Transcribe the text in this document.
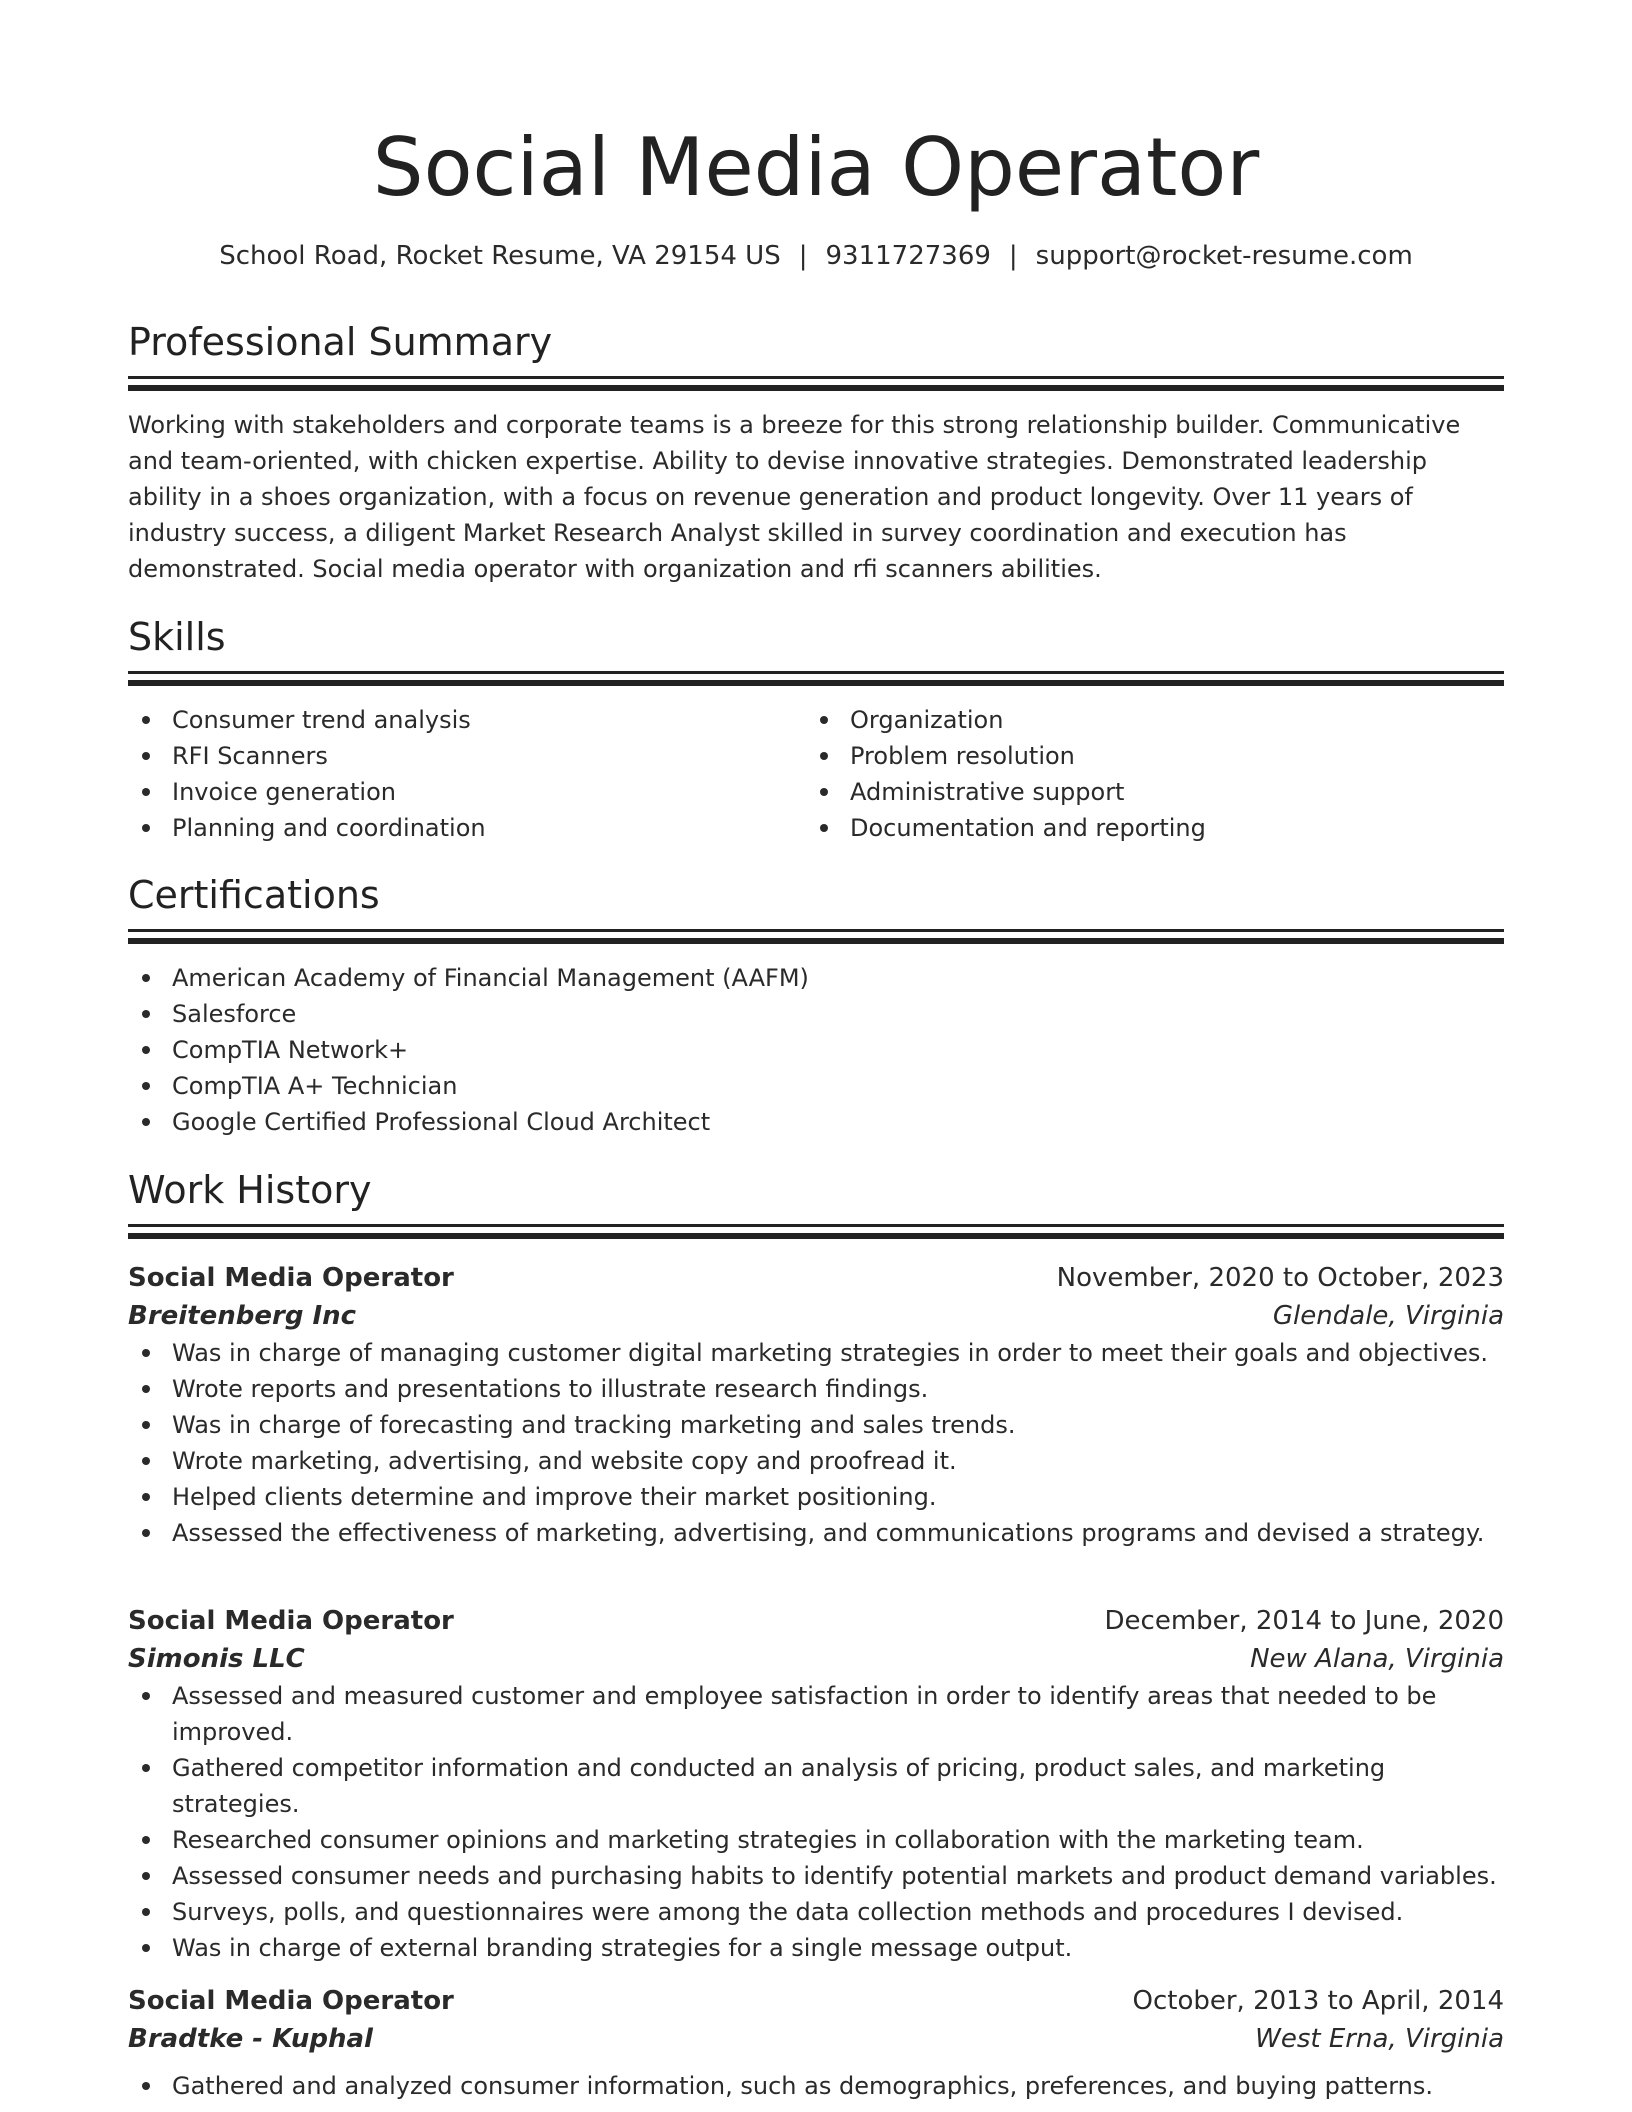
Social Media Operator
School Road, Rocket Resume, VA 29154 US | 9311727369 | support@rocket-resume.com
Professional Summary
Working with stakeholders and corporate teams is a breeze for this strong relationship builder. Communicative and team-oriented, with chicken expertise. Ability to devise innovative strategies. Demonstrated leadership ability in a shoes organization, with a focus on revenue generation and product longevity. Over 11 years of industry success, a diligent Market Research Analyst skilled in survey coordination and execution has demonstrated. Social media operator with organization and rfi scanners abilities.
Skills
Consumer trend analysis
RFI Scanners
Invoice generation
Planning and coordination
Organization
Problem resolution
Administrative support
Documentation and reporting
Certifications
American Academy of Financial Management (AAFM)
Salesforce
CompTIA Network+
CompTIA A+ Technician
Google Certified Professional Cloud Architect
Work History
Social Media Operator	November, 2020 to October, 2023
Breitenberg Inc	Glendale, Virginia
Was in charge of managing customer digital marketing strategies in order to meet their goals and objectives.
Wrote reports and presentations to illustrate research findings.
Was in charge of forecasting and tracking marketing and sales trends.
Wrote marketing, advertising, and website copy and proofread it.
Helped clients determine and improve their market positioning.
Assessed the effectiveness of marketing, advertising, and communications programs and devised a strategy.
Social Media Operator	December, 2014 to June, 2020
Simonis LLC	New Alana, Virginia
Assessed and measured customer and employee satisfaction in order to identify areas that needed to be improved.
Gathered competitor information and conducted an analysis of pricing, product sales, and marketing strategies.
Researched consumer opinions and marketing strategies in collaboration with the marketing team.
Assessed consumer needs and purchasing habits to identify potential markets and product demand variables.
Surveys, polls, and questionnaires were among the data collection methods and procedures I devised.
Was in charge of external branding strategies for a single message output.
Social Media Operator	October, 2013 to April, 2014
Bradtke - Kuphal	West Erna, Virginia
Gathered and analyzed consumer information, such as demographics, preferences, and buying patterns.
